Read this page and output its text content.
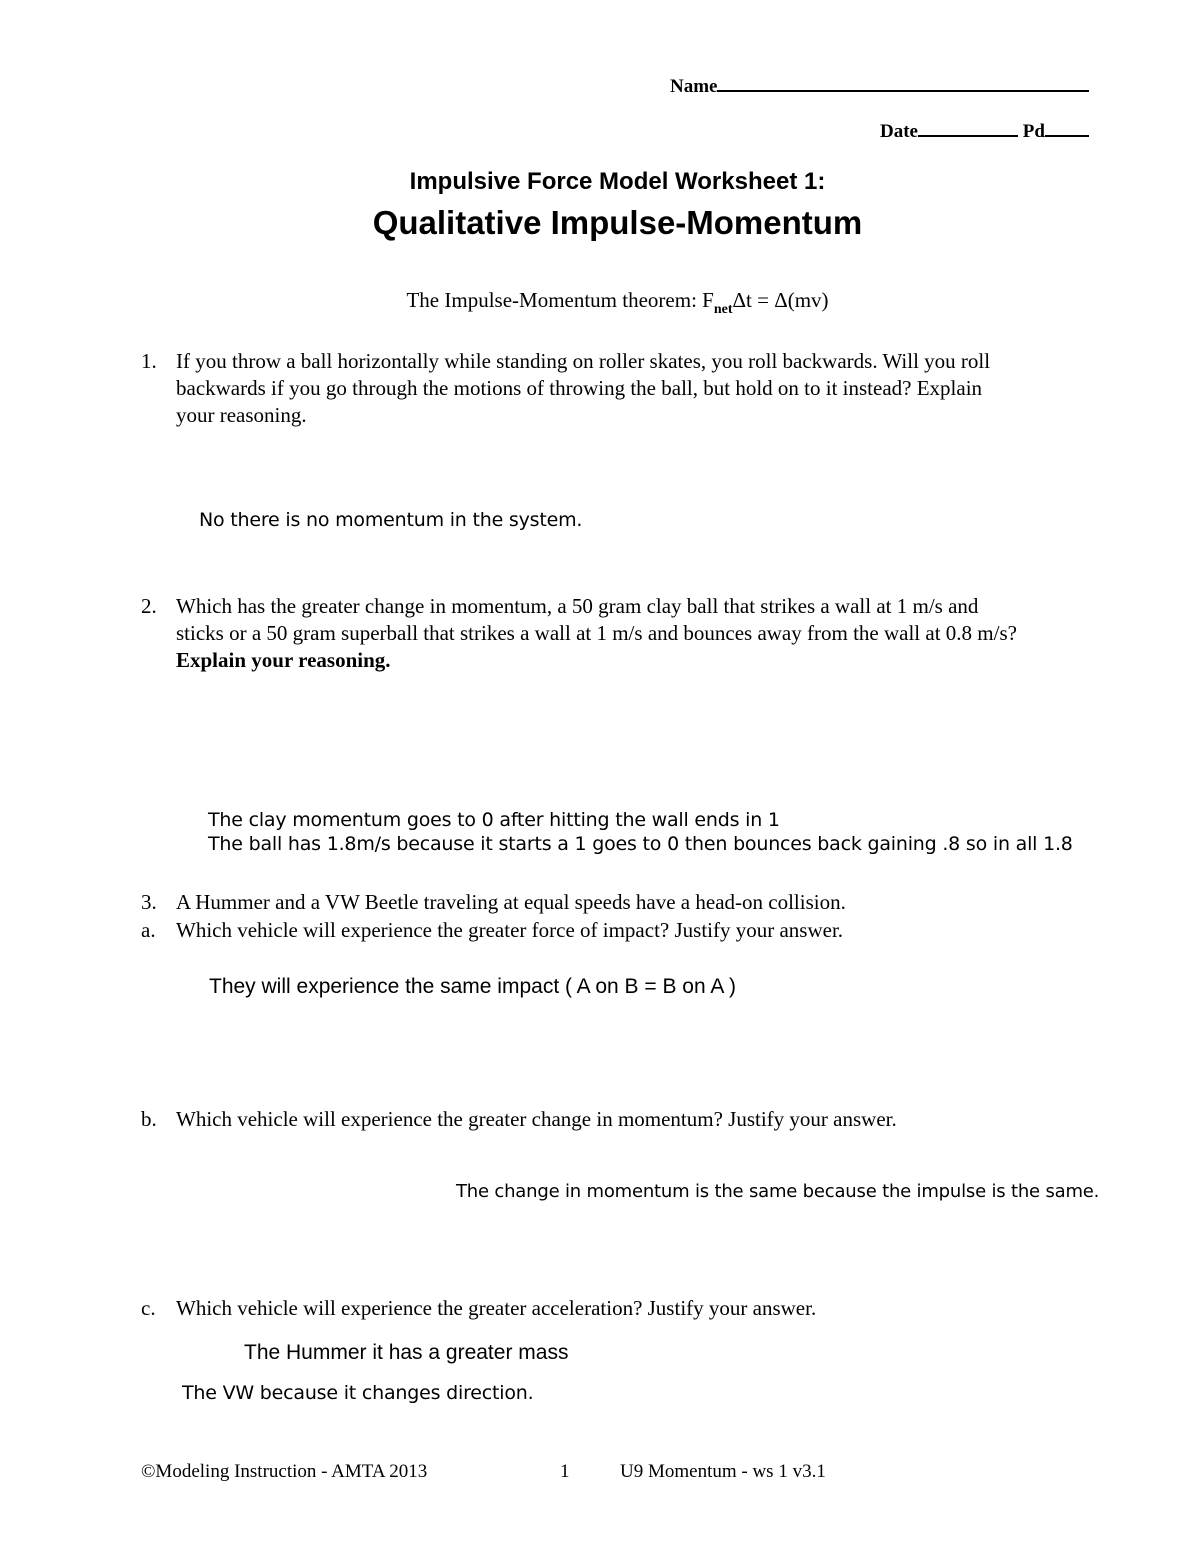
Name
Date	Pd
Impulsive Force Model Worksheet 1:
Qualitative Impulse-Momentum
The Impulse-Momentum theorem: $F_{net}\Delta t = \Delta(mv)$
1. If you throw a ball horizontally while standing on roller skates, you roll backwards. Will you roll
backwards if you go through the motions of throwing the ball, but hold on to it instead? Explain
your reasoning.
No there is no momentum in the system.
2. Which has the greater change in momentum, a 50 gram clay ball that strikes a wall at 1 m/s and
sticks or a 50 gram superball that strikes a wall at 1 m/s and bounces away from the wall at 0.8 m/s?
Explain your reasoning.
The clay momentum goes to 0 after hitting the wall ends in 1
The ball has 1.8m/s because it starts a 1 goes to 0 then bounces back gaining .8 so in all 1.8
3. A Hummer and a VW Beetle traveling at equal speeds have a head-on collision.
a. Which vehicle will experience the greater force of impact? Justify your answer.
They will experience the same impact ( A on B = B on A )
b. Which vehicle will experience the greater change in momentum? Justify your answer.
The change in momentum is the same because the impulse is the same.
c. Which vehicle will experience the greater acceleration? Justify your answer.
The Hummer it has a greater mass
The VW because it changes direction.
©Modeling Instruction - AMTA 2013	1	U9 Momentum - ws 1 v3.1
